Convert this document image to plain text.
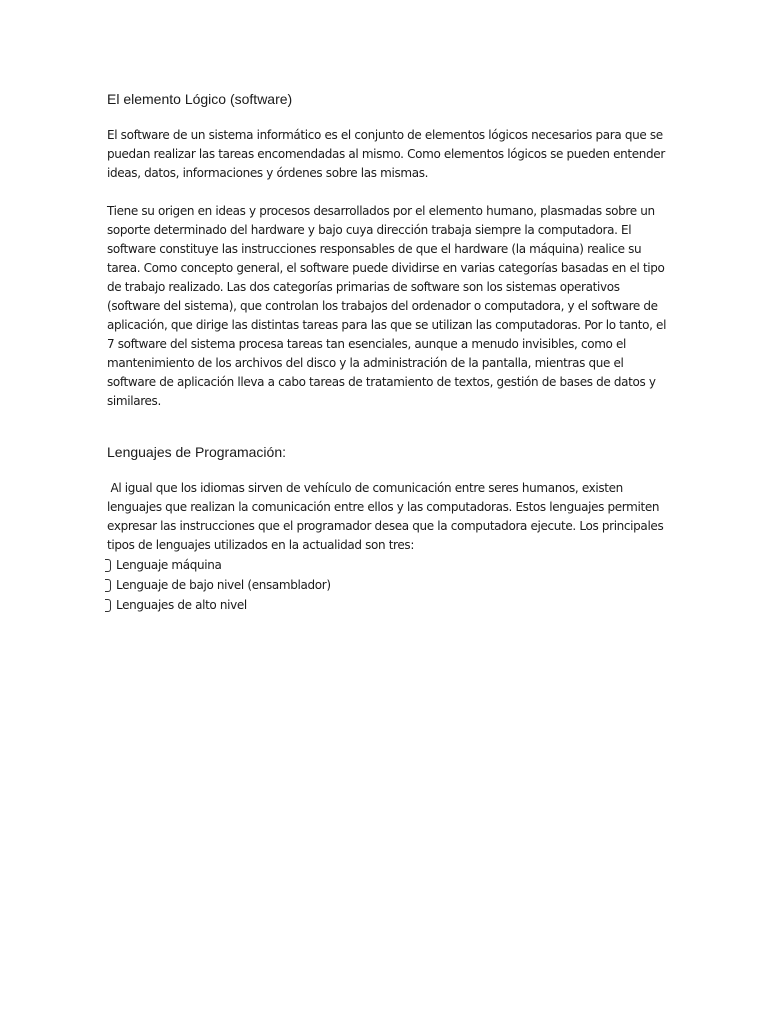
El elemento Lógico (software)

El software de un sistema informático es el conjunto de elementos lógicos necesarios para que se
puedan realizar las tareas encomendadas al mismo. Como elementos lógicos se pueden entender
ideas, datos, informaciones y órdenes sobre las mismas.

Tiene su origen en ideas y procesos desarrollados por el elemento humano, plasmadas sobre un
soporte determinado del hardware y bajo cuya dirección trabaja siempre la computadora. El
software constituye las instrucciones responsables de que el hardware (la máquina) realice su
tarea. Como concepto general, el software puede dividirse en varias categorías basadas en el tipo
de trabajo realizado. Las dos categorías primarias de software son los sistemas operativos
(software del sistema), que controlan los trabajos del ordenador o computadora, y el software de
aplicación, que dirige las distintas tareas para las que se utilizan las computadoras. Por lo tanto, el
7 software del sistema procesa tareas tan esenciales, aunque a menudo invisibles, como el
mantenimiento de los archivos del disco y la administración de la pantalla, mientras que el
software de aplicación lleva a cabo tareas de tratamiento de textos, gestión de bases de datos y
similares.

Lenguajes de Programación:

Al igual que los idiomas sirven de vehículo de comunicación entre seres humanos, existen
lenguajes que realizan la comunicación entre ellos y las computadoras. Estos lenguajes permiten
expresar las instrucciones que el programador desea que la computadora ejecute. Los principales
tipos de lenguajes utilizados en la actualidad son tres:

Lenguaje máquina
Lenguaje de bajo nivel (ensamblador)
Lenguajes de alto nivel
